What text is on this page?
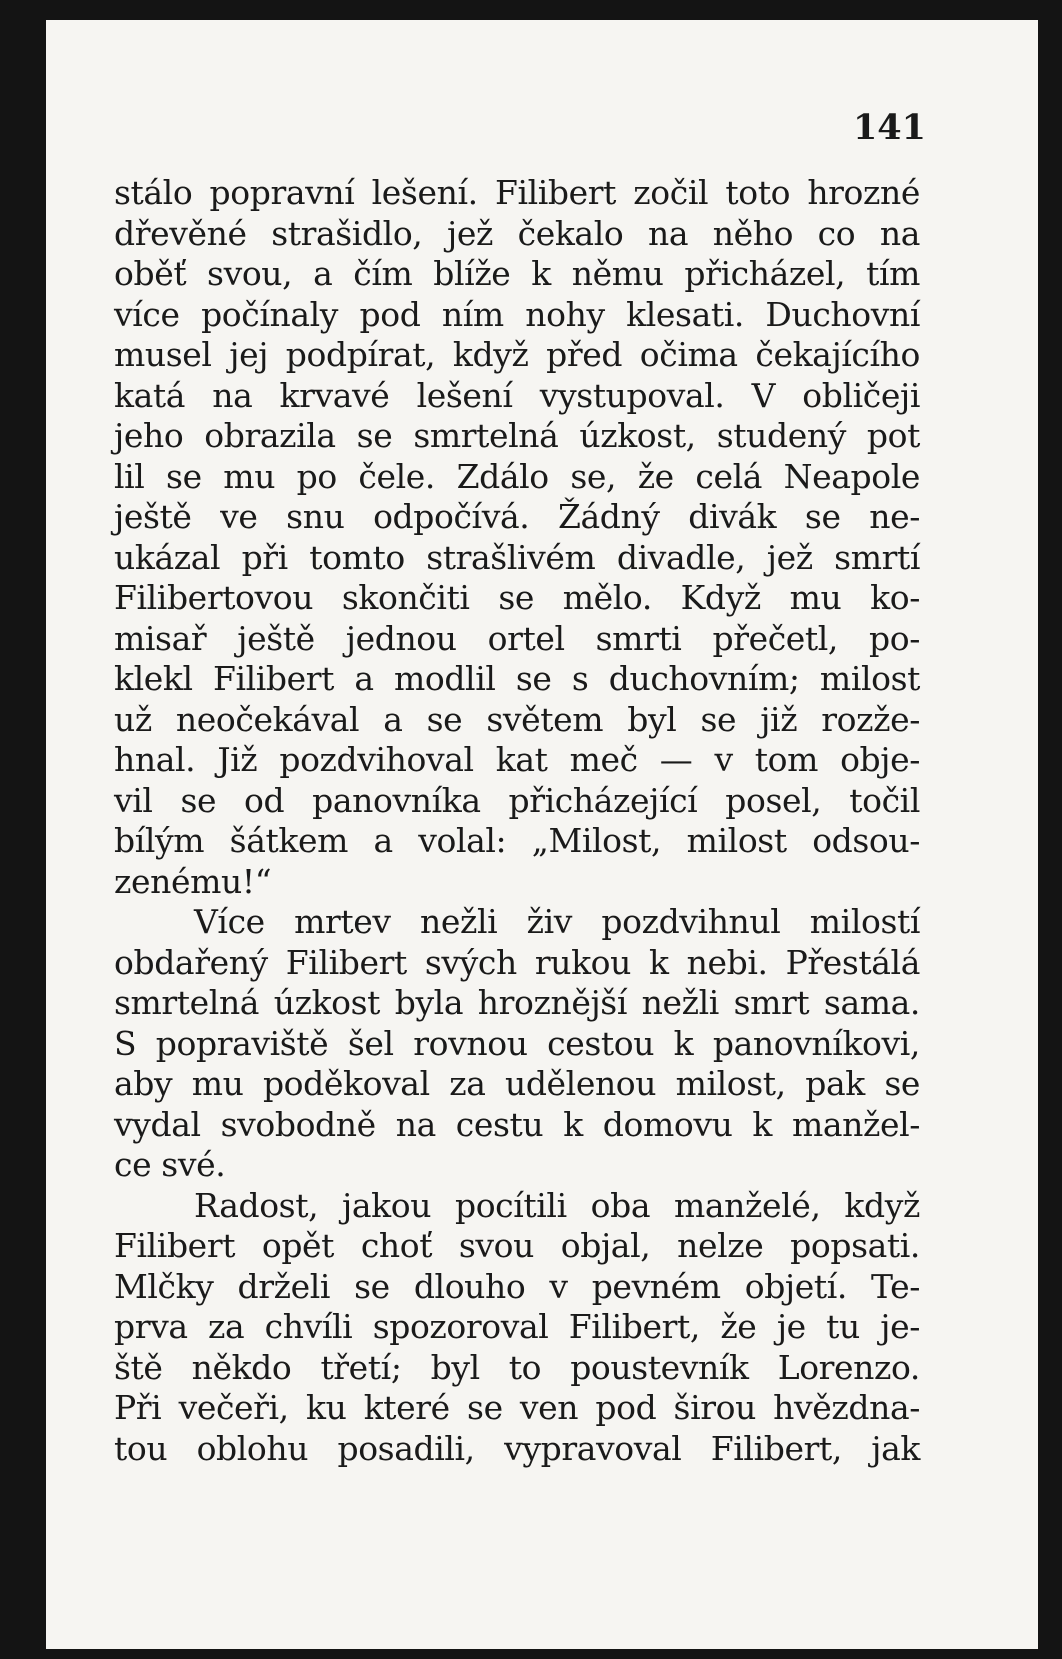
141
stálo popravní lešení. Filibert zočil toto hrozné
dřevěné strašidlo, jež čekalo na něho co na
oběť svou, a čím blíže k němu přicházel, tím
více počínaly pod ním nohy klesati. Duchovní
musel jej podpírat, když před očima čekajícího
katá na krvavé lešení vystupoval. V obličeji
jeho obrazila se smrtelná úzkost, studený pot
lil se mu po čele. Zdálo se, že celá Neapole
ještě ve snu odpočívá. Žádný divák se ne-
ukázal při tomto strašlivém divadle, jež smrtí
Filibertovou skončiti se mělo. Když mu ko-
misař ještě jednou ortel smrti přečetl, po-
klekl Filibert a modlil se s duchovním; milost
už neočekával a se světem byl se již rozže-
hnal. Již pozdvihoval kat meč — v tom obje-
vil se od panovníka přicházející posel, točil
bílým šátkem a volal: „Milost, milost odsou-
zenému!“
Více mrtev nežli živ pozdvihnul milostí
obdařený Filibert svých rukou k nebi. Přestálá
smrtelná úzkost byla hroznější nežli smrt sama.
S popraviště šel rovnou cestou k panovníkovi,
aby mu poděkoval za udělenou milost, pak se
vydal svobodně na cestu k domovu k manžel-
ce své.
Radost, jakou pocítili oba manželé, když
Filibert opět choť svou objal, nelze popsati.
Mlčky drželi se dlouho v pevném objetí. Te-
prva za chvíli spozoroval Filibert, že je tu je-
ště někdo třetí; byl to poustevník Lorenzo.
Při večeři, ku které se ven pod širou hvězdna-
tou oblohu posadili, vypravoval Filibert, jak
